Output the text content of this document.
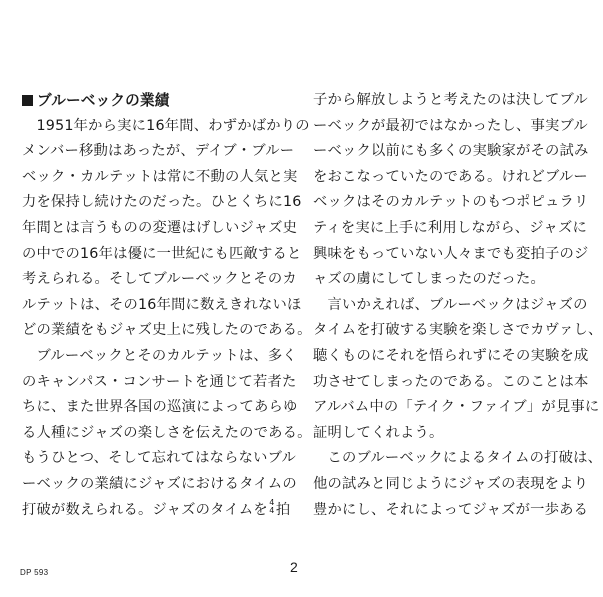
ブルーベックの業績
　1951年から実に16年間、わずかばかりの
メンバー移動はあったが、デイブ・ブルー
ベック・カルテットは常に不動の人気と実
力を保持し続けたのだった。ひとくちに16
年間とは言うものの変遷はげしいジャズ史
の中での16年は優に一世紀にも匹敵すると
考えられる。そしてブルーベックとそのカ
ルテットは、その16年間に数えきれないほ
どの業績をもジャズ史上に残したのである。
　ブルーベックとそのカルテットは、多く
のキャンパス・コンサートを通じて若者た
ちに、また世界各国の巡演によってあらゆ
る人種にジャズの楽しさを伝えたのである。
もうひとつ、そして忘れてはならないブル
ーベックの業績にジャズにおけるタイムの
打破が数えられる。ジャズのタイムを 4
4 拍
子から解放しようと考えたのは決してブル
ーベックが最初ではなかったし、事実ブル
ーベック以前にも多くの実験家がその試み
をおこなっていたのである。けれどブルー
ベックはそのカルテットのもつポピュラリ
ティを実に上手に利用しながら、ジャズに
興味をもっていない人々までも変拍子のジ
ャズの虜にしてしまったのだった。
　言いかえれば、ブルーベックはジャズの
タイムを打破する実験を楽しさでカヴァし、
聴くものにそれを悟られずにその実験を成
功させてしまったのである。このことは本
アルバム中の「テイク・ファイブ」が見事に
証明してくれよう。
　このブルーベックによるタイムの打破は、
他の試みと同じようにジャズの表現をより
豊かにし、それによってジャズが一歩ある
DP 593	2
